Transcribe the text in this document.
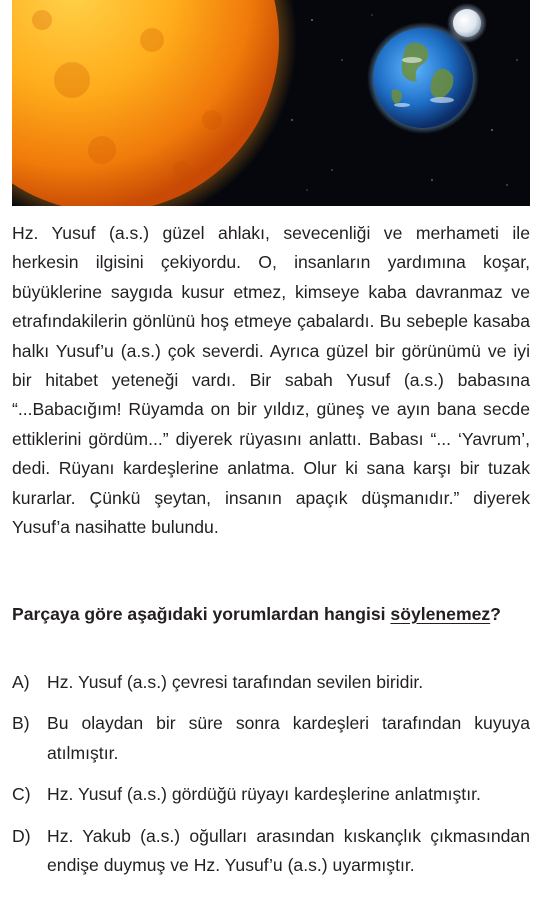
Hz. Yusuf (a.s.) güzel ahlakı, sevecenliği ve merhameti ile herkesin ilgisini çekiyordu. O, insanların yardımına koşar, büyüklerine saygıda kusur etmez, kimseye kaba davranmaz ve etrafındakilerin gönlünü hoş etmeye çabalardı. Bu sebeple kasaba halkı Yusuf’u (a.s.) çok severdi. Ayrıca güzel bir görünümü ve iyi bir hitabet yeteneği vardı. Bir sabah Yusuf (a.s.) babasına “...Babacığım! Rüyamda on bir yıldız, güneş ve ayın bana secde ettiklerini gördüm...” diyerek rüyasını anlattı. Babası “... ‘Yavrum’, dedi. Rüyanı kardeşlerine anlatma. Olur ki sana karşı bir tuzak kurarlar. Çünkü şeytan, insanın apaçık düşmanıdır.” diyerek Yusuf’a nasihatte bulundu.

Parçaya göre aşağıdaki yorumlardan hangisi söylenemez?

A) Hz. Yusuf (a.s.) çevresi tarafından sevilen biridir.
B) Bu olaydan bir süre sonra kardeşleri tarafından kuyuya atılmıştır.
C) Hz. Yusuf (a.s.) gördüğü rüyayı kardeşlerine anlatmıştır.
D) Hz. Yakub (a.s.) oğulları arasından kıskançlık çıkmasından endişe duymuş ve Hz. Yusuf’u (a.s.) uyarmıştır.
